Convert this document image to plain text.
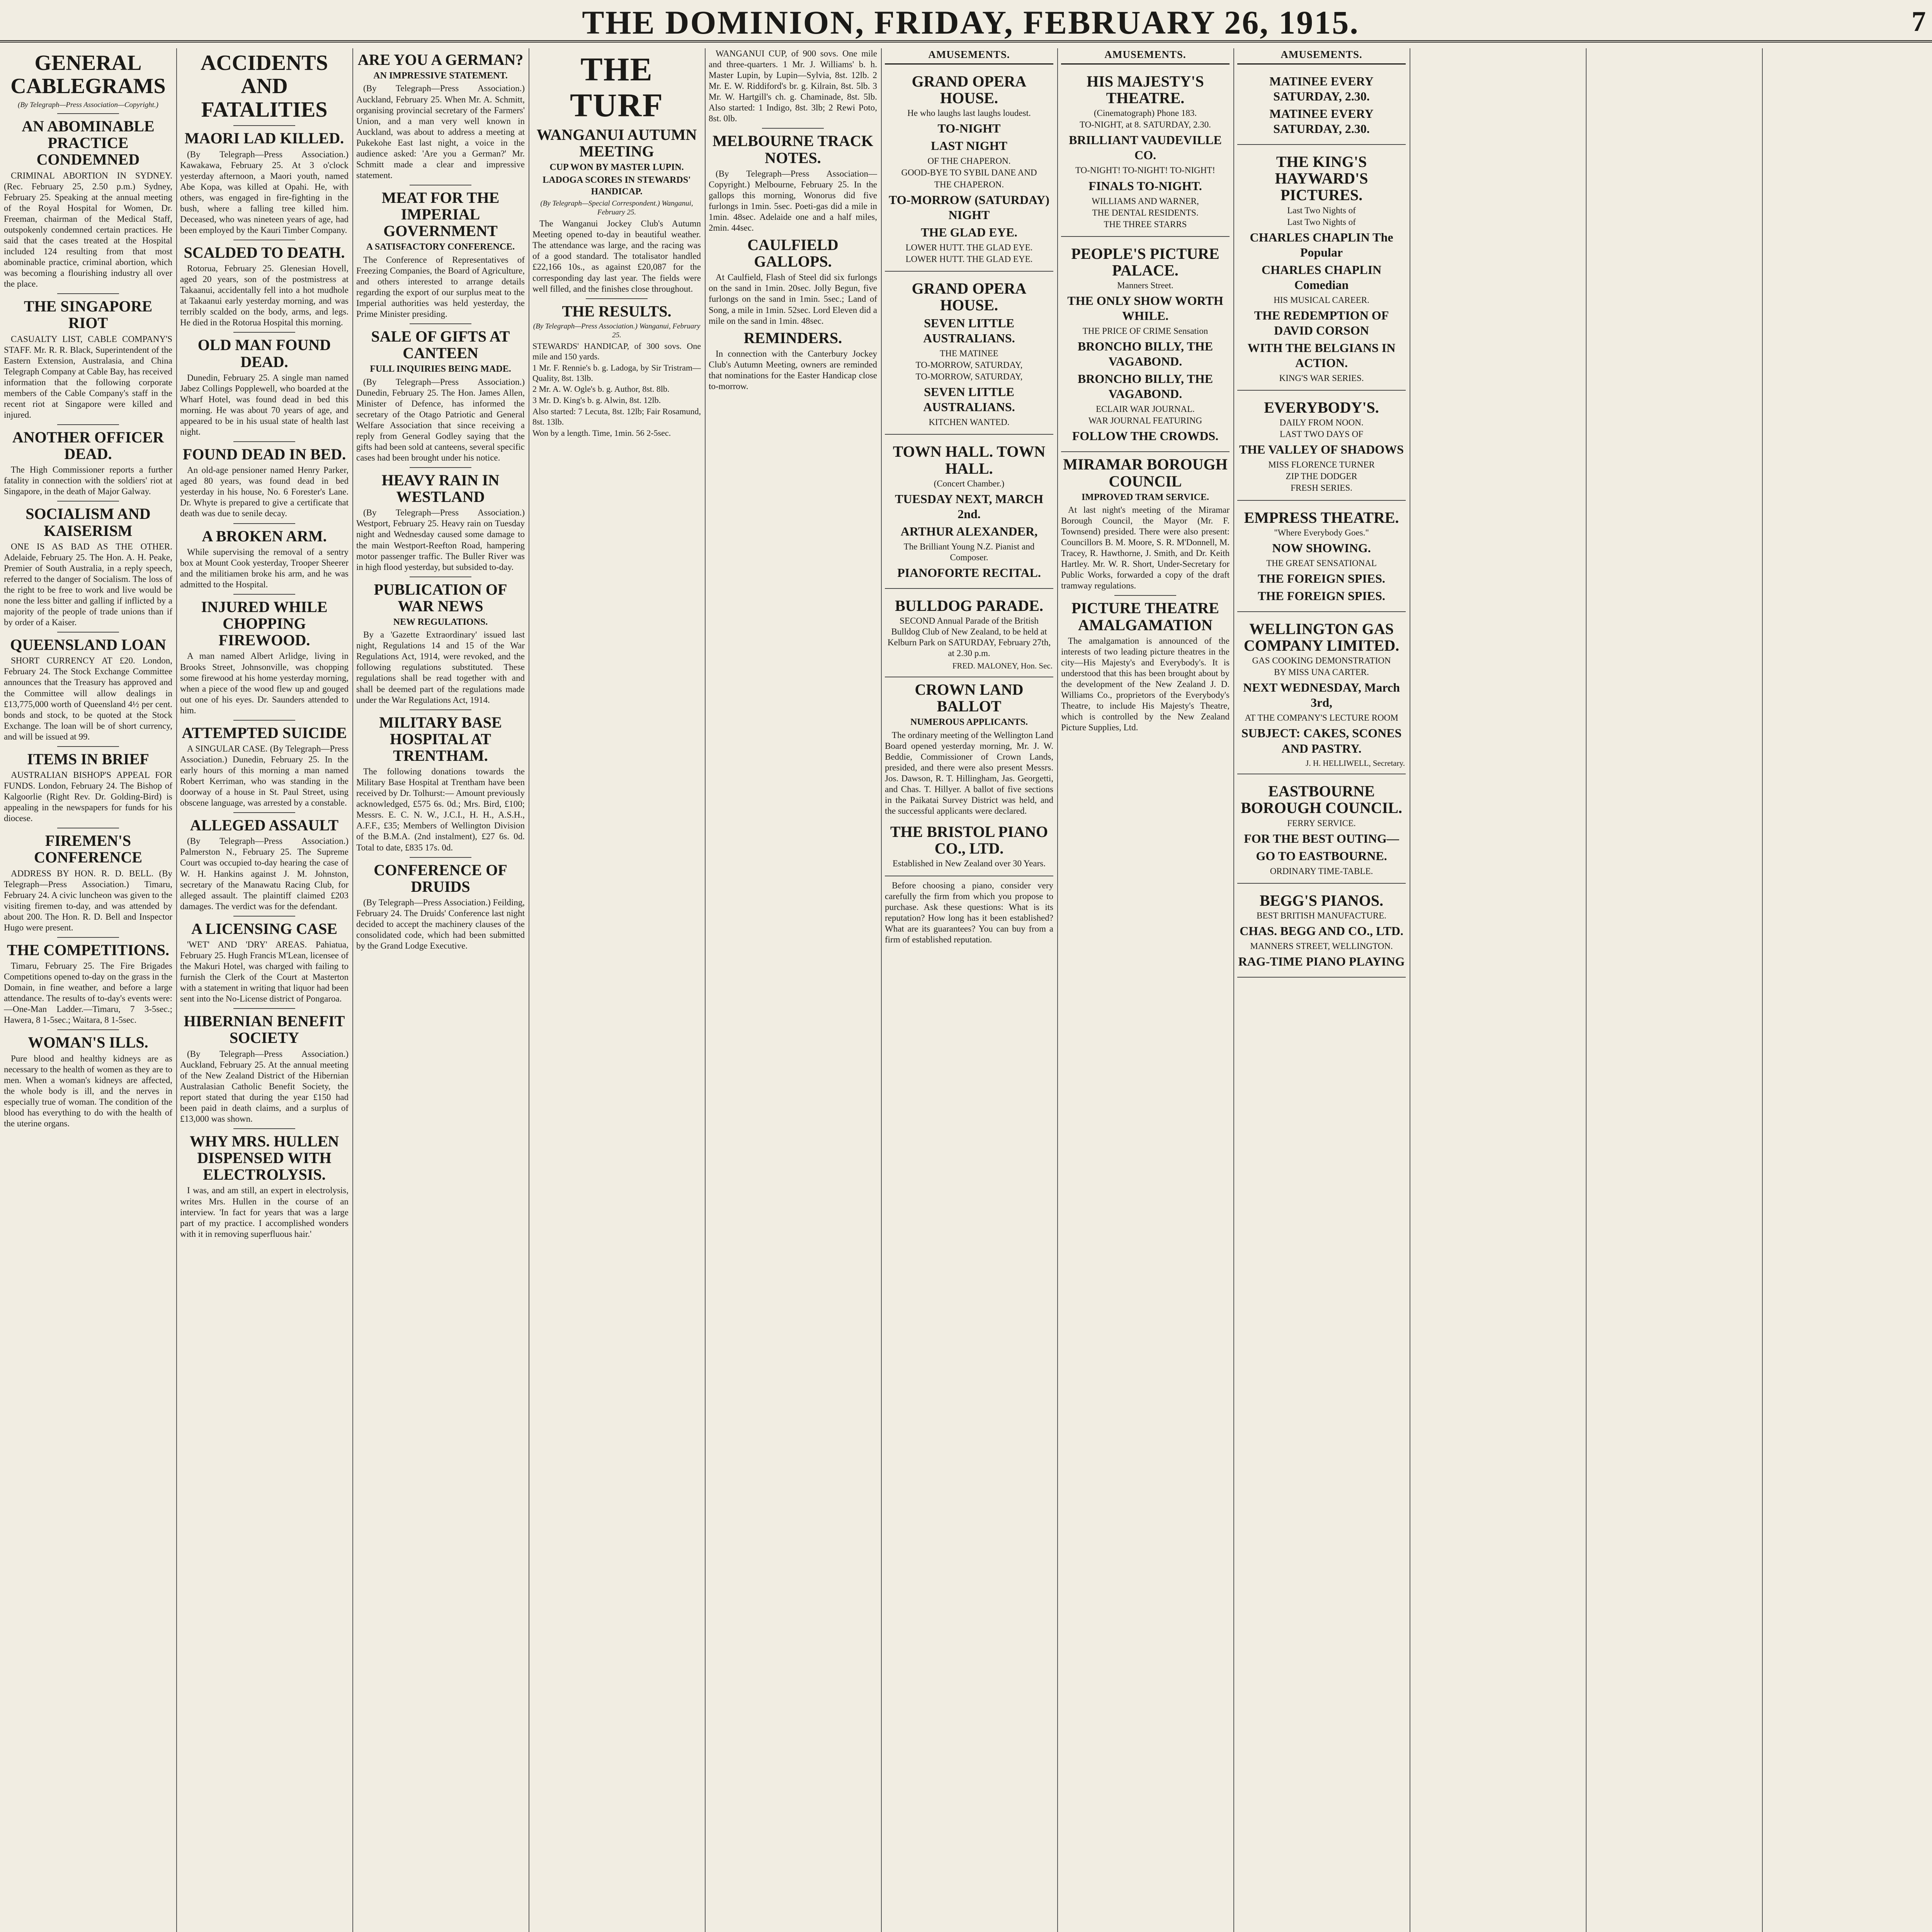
THE DOMINION, FRIDAY, FEBRUARY 26, 1915.	7
GENERAL CABLEGRAMS
(By Telegraph—Press Association—Copyright.)
AN ABOMINABLE PRACTICE CONDEMNED

CRIMINAL ABORTION IN SYDNEY. (Rec. February 25, 2.50 p.m.) Sydney, February 25. Speaking at the annual meeting of the Royal Hospital for Women, Dr. Freeman, chairman of the Medical Staff, outspokenly condemned certain practices. He said that the cases treated at the Hospital included 124 resulting from that most abominable practice, criminal abortion, which was becoming a flourishing industry all over the place.

THE SINGAPORE RIOT

CASUALTY LIST, CABLE COMPANY'S STAFF. Mr. R. R. Black, Superintendent of the Eastern Extension, Australasia, and China Telegraph Company at Cable Bay, has received information that the following corporate members of the Cable Company's staff in the recent riot at Singapore were killed and injured.

ANOTHER OFFICER DEAD.

The High Commissioner reports a further fatality in connection with the soldiers' riot at Singapore, in the death of Major Galway.

SOCIALISM AND KAISERISM

ONE IS AS BAD AS THE OTHER. Adelaide, February 25. The Hon. A. H. Peake, Premier of South Australia, in a reply speech, referred to the danger of Socialism. The loss of the right to be free to work and live would be none the less bitter and galling if inflicted by a majority of the people of trade unions than if by order of a Kaiser.

QUEENSLAND LOAN

SHORT CURRENCY AT £20. London, February 24. The Stock Exchange Committee announces that the Treasury has approved and the Committee will allow dealings in £13,775,000 worth of Queensland 4½ per cent. bonds and stock, to be quoted at the Stock Exchange. The loan will be of short currency, and will be issued at 99.

ITEMS IN BRIEF

AUSTRALIAN BISHOP'S APPEAL FOR FUNDS. London, February 24. The Bishop of Kalgoorlie (Right Rev. Dr. Golding-Bird) is appealing in the newspapers for funds for his diocese.

FIREMEN'S CONFERENCE

ADDRESS BY HON. R. D. BELL. (By Telegraph—Press Association.) Timaru, February 24. A civic luncheon was given to the visiting firemen to-day, and was attended by about 200. The Hon. R. D. Bell and Inspector Hugo were present.

THE COMPETITIONS.

Timaru, February 25. The Fire Brigades Competitions opened to-day on the grass in the Domain, in fine weather, and before a large attendance. The results of to-day's events were:—One-Man Ladder.—Timaru, 7 3-5sec.; Hawera, 8 1-5sec.; Waitara, 8 1-5sec.

WOMAN'S ILLS.

Pure blood and healthy kidneys are as necessary to the health of women as they are to men. When a woman's kidneys are affected, the whole body is ill, and the nerves in especially true of woman. The condition of the blood has everything to do with the health of the uterine organs.

ACCIDENTS AND FATALITIES
MAORI LAD KILLED.

(By Telegraph—Press Association.) Kawakawa, February 25. At 3 o'clock yesterday afternoon, a Maori youth, named Abe Kopa, was killed at Opahi. He, with others, was engaged in fire-fighting in the bush, where a falling tree killed him. Deceased, who was nineteen years of age, had been employed by the Kauri Timber Company.

SCALDED TO DEATH.

Rotorua, February 25. Glenesian Hovell, aged 20 years, son of the postmistress at Takaanui, accidentally fell into a hot mudhole at Takaanui early yesterday morning, and was terribly scalded on the body, arms, and legs. He died in the Rotorua Hospital this morning.

OLD MAN FOUND DEAD.

Dunedin, February 25. A single man named Jabez Collings Popplewell, who boarded at the Wharf Hotel, was found dead in bed this morning. He was about 70 years of age, and appeared to be in his usual state of health last night.

FOUND DEAD IN BED.

An old-age pensioner named Henry Parker, aged 80 years, was found dead in bed yesterday in his house, No. 6 Forester's Lane. Dr. Whyte is prepared to give a certificate that death was due to senile decay.

A BROKEN ARM.

While supervising the removal of a sentry box at Mount Cook yesterday, Trooper Sheerer and the militiamen broke his arm, and he was admitted to the Hospital.

INJURED WHILE CHOPPING FIREWOOD.

A man named Albert Arlidge, living in Brooks Street, Johnsonville, was chopping some firewood at his home yesterday morning, when a piece of the wood flew up and gouged out one of his eyes. Dr. Saunders attended to him.

ATTEMPTED SUICIDE

A SINGULAR CASE. (By Telegraph—Press Association.) Dunedin, February 25. In the early hours of this morning a man named Robert Kerriman, who was standing in the doorway of a house in St. Paul Street, using obscene language, was arrested by a constable.

ALLEGED ASSAULT

(By Telegraph—Press Association.) Palmerston N., February 25. The Supreme Court was occupied to-day hearing the case of W. H. Hankins against J. M. Johnston, secretary of the Manawatu Racing Club, for alleged assault. The plaintiff claimed £203 damages. The verdict was for the defendant.

A LICENSING CASE

'WET' AND 'DRY' AREAS. Pahiatua, February 25. Hugh Francis M'Lean, licensee of the Makuri Hotel, was charged with failing to furnish the Clerk of the Court at Masterton with a statement in writing that liquor had been sent into the No-License district of Pongaroa.

HIBERNIAN BENEFIT SOCIETY

(By Telegraph—Press Association.) Auckland, February 25. At the annual meeting of the New Zealand District of the Hibernian Australasian Catholic Benefit Society, the report stated that during the year £150 had been paid in death claims, and a surplus of £13,000 was shown.

WHY MRS. HULLEN DISPENSED WITH ELECTROLYSIS.

I was, and am still, an expert in electrolysis, writes Mrs. Hullen in the course of an interview. 'In fact for years that was a large part of my practice. I accomplished wonders with it in removing superfluous hair.'

ARE YOU A GERMAN?
AN IMPRESSIVE STATEMENT.

(By Telegraph—Press Association.) Auckland, February 25. When Mr. A. Schmitt, organising provincial secretary of the Farmers' Union, and a man very well known in Auckland, was about to address a meeting at Pukekohe East last night, a voice in the audience asked: 'Are you a German?' Mr. Schmitt made a clear and impressive statement.

MEAT FOR THE IMPERIAL GOVERNMENT
A SATISFACTORY CONFERENCE.

The Conference of Representatives of Freezing Companies, the Board of Agriculture, and others interested to arrange details regarding the export of our surplus meat to the Imperial authorities was held yesterday, the Prime Minister presiding.

SALE OF GIFTS AT CANTEEN
FULL INQUIRIES BEING MADE.

(By Telegraph—Press Association.) Dunedin, February 25. The Hon. James Allen, Minister of Defence, has informed the secretary of the Otago Patriotic and General Welfare Association that since receiving a reply from General Godley saying that the gifts had been sold at canteens, several specific cases had been brought under his notice.

HEAVY RAIN IN WESTLAND

(By Telegraph—Press Association.) Westport, February 25. Heavy rain on Tuesday night and Wednesday caused some damage to the main Westport-Reefton Road, hampering motor passenger traffic. The Buller River was in high flood yesterday, but subsided to-day.

PUBLICATION OF WAR NEWS
NEW REGULATIONS.

By a 'Gazette Extraordinary' issued last night, Regulations 14 and 15 of the War Regulations Act, 1914, were revoked, and the following regulations substituted. These regulations shall be read together with and shall be deemed part of the regulations made under the War Regulations Act, 1914.

MILITARY BASE HOSPITAL AT TRENTHAM.

The following donations towards the Military Base Hospital at Trentham have been received by Dr. Tolhurst:— Amount previously acknowledged, £575 6s. 0d.; Mrs. Bird, £100; Messrs. E. C. N. W., J.C.I., H. H., A.S.H., A.F.F., £35; Members of Wellington Division of the B.M.A. (2nd instalment), £27 6s. 0d. Total to date, £835 17s. 0d.

CONFERENCE OF DRUIDS

(By Telegraph—Press Association.) Feilding, February 24. The Druids' Conference last night decided to accept the machinery clauses of the consolidated code, which had been submitted by the Grand Lodge Executive.

THE TURF
WANGANUI AUTUMN MEETING
CUP WON BY MASTER LUPIN.
LADOGA SCORES IN STEWARDS' HANDICAP.
(By Telegraph—Special Correspondent.) Wanganui, February 25.

The Wanganui Jockey Club's Autumn Meeting opened to-day in beautiful weather. The attendance was large, and the racing was of a good standard. The totalisator handled £22,166 10s., as against £20,087 for the corresponding day last year. The fields were well filled, and the finishes close throughout.

THE RESULTS.
(By Telegraph—Press Association.) Wanganui, February 25.

STEWARDS' HANDICAP, of 300 sovs. One mile and 150 yards.

1 Mr. F. Rennie's b. g. Ladoga, by Sir Tristram—Quality, 8st. 13lb.

2 Mr. A. W. Ogle's b. g. Author, 8st. 8lb.

3 Mr. D. King's b. g. Alwin, 8st. 12lb.

Also started: 7 Lecuta, 8st. 12lb; Fair Rosamund, 8st. 13lb.

Won by a length. Time, 1min. 56 2-5sec.

WANGANUI CUP, of 900 sovs. One mile and three-quarters. 1 Mr. J. Williams' b. h. Master Lupin, by Lupin—Sylvia, 8st. 12lb. 2 Mr. E. W. Riddiford's br. g. Kilrain, 8st. 5lb. 3 Mr. W. Hartgill's ch. g. Chaminade, 8st. 5lb. Also started: 1 Indigo, 8st. 3lb; 2 Rewi Poto, 8st. 0lb.

MELBOURNE TRACK NOTES.

(By Telegraph—Press Association—Copyright.) Melbourne, February 25. In the gallops this morning, Wonorus did five furlongs in 1min. 5sec. Poeti-gas did a mile in 1min. 48sec. Adelaide one and a half miles, 2min. 44sec.

CAULFIELD GALLOPS.

At Caulfield, Flash of Steel did six furlongs on the sand in 1min. 20sec. Jolly Begun, five furlongs on the sand in 1min. 5sec.; Land of Song, a mile in 1min. 52sec. Lord Eleven did a mile on the sand in 1min. 48sec.

REMINDERS.

In connection with the Canterbury Jockey Club's Autumn Meeting, owners are reminded that nominations for the Easter Handicap close to-morrow.

AMUSEMENTS.
GRAND OPERA HOUSE.
He who laughs last laughs loudest.
TO-NIGHT
LAST NIGHT
OF THE CHAPERON.
GOOD-BYE TO SYBIL DANE AND
THE CHAPERON.
TO-MORROW (SATURDAY) NIGHT
THE GLAD EYE.
LOWER HUTT. THE GLAD EYE.
LOWER HUTT. THE GLAD EYE.
GRAND OPERA HOUSE.
SEVEN LITTLE AUSTRALIANS.
THE MATINEE
TO-MORROW, SATURDAY,
TO-MORROW, SATURDAY,
SEVEN LITTLE AUSTRALIANS.
KITCHEN WANTED.
TOWN HALL. TOWN HALL.
(Concert Chamber.)
TUESDAY NEXT, MARCH 2nd.
ARTHUR ALEXANDER,
The Brilliant Young N.Z. Pianist and Composer.
PIANOFORTE RECITAL.
BULLDOG PARADE.
SECOND Annual Parade of the British Bulldog Club of New Zealand, to be held at Kelburn Park on SATURDAY, February 27th, at 2.30 p.m.
FRED. MALONEY, Hon. Sec.
CROWN LAND BALLOT
NUMEROUS APPLICANTS.

The ordinary meeting of the Wellington Land Board opened yesterday morning, Mr. J. W. Beddie, Commissioner of Crown Lands, presided, and there were also present Messrs. Jos. Dawson, R. T. Hillingham, Jas. Georgetti, and Chas. T. Hillyer. A ballot of five sections in the Paikatai Survey District was held, and the successful applicants were declared.

THE BRISTOL PIANO CO., LTD.
Established in New Zealand over 30 Years.

Before choosing a piano, consider very carefully the firm from which you propose to purchase. Ask these questions: What is its reputation? How long has it been established? What are its guarantees? You can buy from a firm of established reputation.

AMUSEMENTS.
HIS MAJESTY'S THEATRE.
(Cinematograph) Phone 183.
TO-NIGHT, at 8. SATURDAY, 2.30.
BRILLIANT VAUDEVILLE CO.
TO-NIGHT! TO-NIGHT! TO-NIGHT!
FINALS TO-NIGHT.
WILLIAMS AND WARNER,
THE DENTAL RESIDENTS.
THE THREE STARRS
PEOPLE'S PICTURE PALACE.
Manners Street.
THE ONLY SHOW WORTH WHILE.
THE PRICE OF CRIME Sensation
BRONCHO BILLY, THE VAGABOND.
BRONCHO BILLY, THE VAGABOND.
ECLAIR WAR JOURNAL.
WAR JOURNAL FEATURING
FOLLOW THE CROWDS.
MIRAMAR BOROUGH COUNCIL
IMPROVED TRAM SERVICE.

At last night's meeting of the Miramar Borough Council, the Mayor (Mr. F. Townsend) presided. There were also present: Councillors B. M. Moore, S. R. M'Donnell, M. Tracey, R. Hawthorne, J. Smith, and Dr. Keith Hartley. Mr. W. R. Short, Under-Secretary for Public Works, forwarded a copy of the draft tramway regulations.

PICTURE THEATRE AMALGAMATION

The amalgamation is announced of the interests of two leading picture theatres in the city—His Majesty's and Everybody's. It is understood that this has been brought about by the development of the New Zealand J. D. Williams Co., proprietors of the Everybody's Theatre, to include His Majesty's Theatre, which is controlled by the New Zealand Picture Supplies, Ltd.

AMUSEMENTS.
MATINEE EVERY SATURDAY, 2.30.
MATINEE EVERY SATURDAY, 2.30.
THE KING'S HAYWARD'S PICTURES.
Last Two Nights of
Last Two Nights of
CHARLES CHAPLIN The Popular
CHARLES CHAPLIN Comedian
HIS MUSICAL CAREER.
THE REDEMPTION OF DAVID CORSON
WITH THE BELGIANS IN ACTION.
KING'S WAR SERIES.
EVERYBODY'S.
DAILY FROM NOON.
LAST TWO DAYS OF
THE VALLEY OF SHADOWS
MISS FLORENCE TURNER
ZIP THE DODGER
FRESH SERIES.
EMPRESS THEATRE.
"Where Everybody Goes."
NOW SHOWING.
THE GREAT SENSATIONAL
THE FOREIGN SPIES.
THE FOREIGN SPIES.
WELLINGTON GAS COMPANY LIMITED.
GAS COOKING DEMONSTRATION
BY MISS UNA CARTER.
NEXT WEDNESDAY, March 3rd,
AT THE COMPANY'S LECTURE ROOM
SUBJECT: CAKES, SCONES AND PASTRY.
J. H. HELLIWELL, Secretary.
EASTBOURNE BOROUGH COUNCIL.
FERRY SERVICE.
FOR THE BEST OUTING—
GO TO EASTBOURNE.
ORDINARY TIME-TABLE.
BEGG'S PIANOS.
BEST BRITISH MANUFACTURE.
CHAS. BEGG AND CO., LTD.
MANNERS STREET, WELLINGTON.
RAG-TIME PIANO PLAYING
